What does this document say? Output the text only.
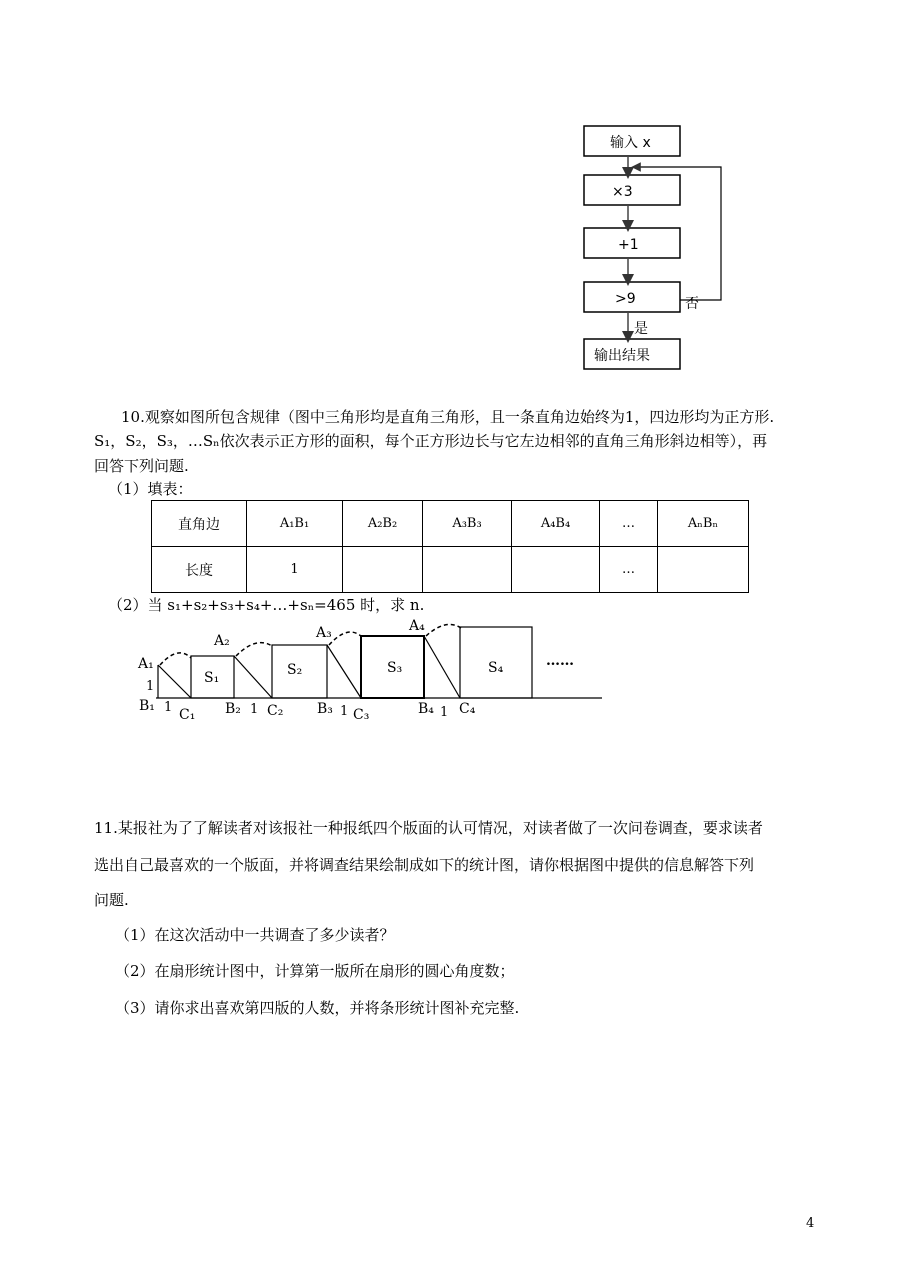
输入 x
×3
+1
>9	否
是
输出结果
10.观察如图所包含规律（图中三角形均是直角三角形，且一条直角边始终为1，四边形均为正方形.
S₁，S₂，S₃，…Sₙ依次表示正方形的面积，每个正方形边长与它左边相邻的直角三角形斜边相等），再
回答下列问题.
（1）填表：
直角边	A₁B₁	A₂B₂	A₃B₃	A₄B₄	…	AₙBₙ
长度	1				…	
（2）当 s₁+s₂+s₃+s₄+…+sₙ=465 时，求 n.
A₁
1
B₁ 1 C₁
S₁
A₂
B₂ 1 C₂
S₂
A₃
B₃ 1 C₃
S₃
A₄
B₄ 1 C₄
S₄	……
11.某报社为了了解读者对该报社一种报纸四个版面的认可情况，对读者做了一次问卷调查，要求读者
选出自己最喜欢的一个版面，并将调查结果绘制成如下的统计图，请你根据图中提供的信息解答下列
问题.
（1）在这次活动中一共调查了多少读者？
（2）在扇形统计图中，计算第一版所在扇形的圆心角度数；
（3）请你求出喜欢第四版的人数，并将条形统计图补充完整.
4
